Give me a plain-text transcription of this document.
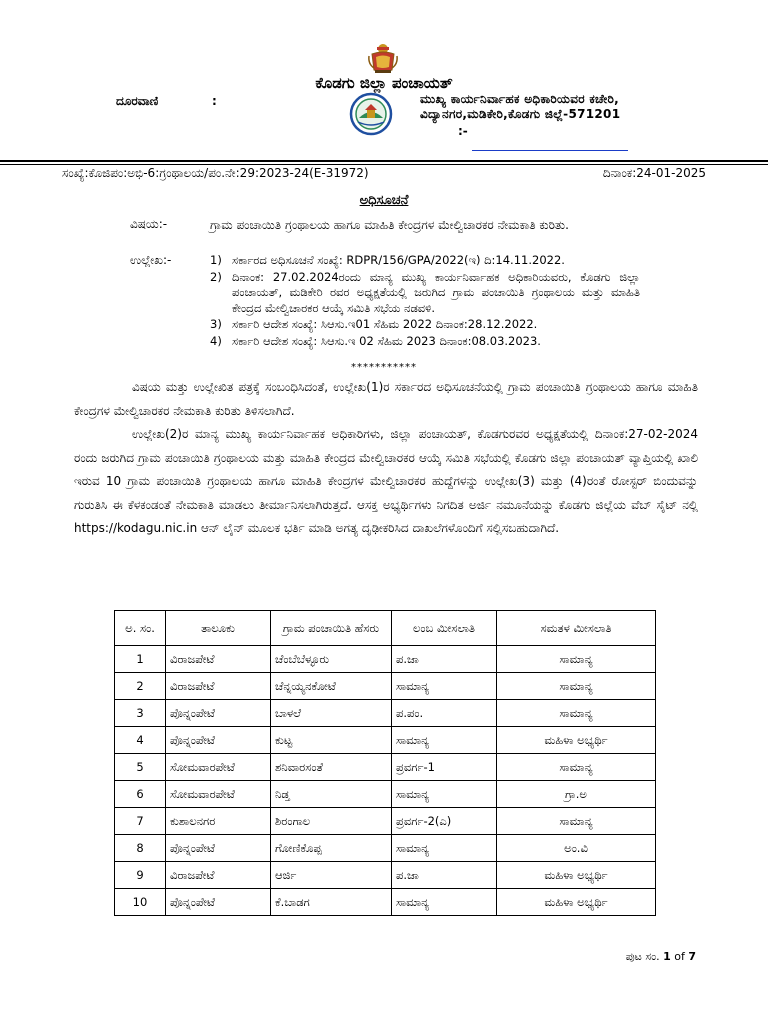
ಕೊಡಗು ಜಿಲ್ಲಾ ಪಂಚಾಯತ್
ದೂರವಾಣಿ	:	ಮುಖ್ಯ ಕಾರ್ಯನಿರ್ವಾಹಕ ಅಧಿಕಾರಿಯವರ ಕಚೇರಿ,
ವಿದ್ಯಾನಗರ,ಮಡಿಕೇರಿ,ಕೊಡಗು ಜಿಲ್ಲೆ-571201
:-
ಸಂಖ್ಯೆ:ಕೊಜಿಪಂ:ಅಭಿ-6:ಗ್ರಂಥಾಲಯ/ಪಂ.ನೇ:29:2023-24(E-31972)	ದಿನಾಂಕ:24-01-2025
ಅಧಿಸೂಚನೆ
ವಿಷಯ:-	ಗ್ರಾಮ ಪಂಚಾಯಿತಿ ಗ್ರಂಥಾಲಯ ಹಾಗೂ ಮಾಹಿತಿ ಕೇಂದ್ರಗಳ ಮೇಲ್ವಿಚಾರಕರ ನೇಮಕಾತಿ ಕುರಿತು.
ಉಲ್ಲೇಖ:-	1) ಸರ್ಕಾರದ ಅಧಿಸೂಚನೆ ಸಂಖ್ಯೆ: RDPR/156/GPA/2022(ಇ) ದಿ:14.11.2022.
2) ದಿನಾಂಕ: 27.02.2024ರಂದು ಮಾನ್ಯ ಮುಖ್ಯ ಕಾರ್ಯನಿರ್ವಾಹಕ ಅಧಿಕಾರಿಯವರು, ಕೊಡಗು ಜಿಲ್ಲಾ ಪಂಚಾಯತ್, ಮಡಿಕೇರಿ ರವರ ಅಧ್ಯಕ್ಷತೆಯಲ್ಲಿ ಜರುಗಿದ ಗ್ರಾಮ ಪಂಚಾಯಿತಿ ಗ್ರಂಥಾಲಯ ಮತ್ತು ಮಾಹಿತಿ ಕೇಂದ್ರದ ಮೇಲ್ವಿಚಾರಕರ ಆಯ್ಕೆ ಸಮಿತಿ ಸಭೆಯ ನಡವಳಿ.
3) ಸರ್ಕಾರಿ ಆದೇಶ ಸಂಖ್ಯೆ: ಸಿಆಸು.ಇ01 ಸೆಹಿಮ 2022 ದಿನಾಂಕ:28.12.2022.
4) ಸರ್ಕಾರಿ ಆದೇಶ ಸಂಖ್ಯೆ: ಸಿಆಸು.ಇ 02 ಸೆಹಿಮ 2023 ದಿನಾಂಕ:08.03.2023.
***********
ವಿಷಯ ಮತ್ತು ಉಲ್ಲೇಖಿತ ಪತ್ರಕ್ಕೆ ಸಂಬಂಧಿಸಿದಂತೆ, ಉಲ್ಲೇಖ(1)ರ ಸರ್ಕಾರದ ಅಧಿಸೂಚನೆಯಲ್ಲಿ ಗ್ರಾಮ ಪಂಚಾಯಿತಿ ಗ್ರಂಥಾಲಯ ಹಾಗೂ ಮಾಹಿತಿ ಕೇಂದ್ರಗಳ ಮೇಲ್ವಿಚಾರಕರ ನೇಮಕಾತಿ ಕುರಿತು ತಿಳಿಸಲಾಗಿದೆ.
ಉಲ್ಲೇಖ(2)ರ ಮಾನ್ಯ ಮುಖ್ಯ ಕಾರ್ಯನಿರ್ವಾಹಕ ಅಧಿಕಾರಿಗಳು, ಜಿಲ್ಲಾ ಪಂಚಾಯತ್, ಕೊಡಗುರವರ ಅಧ್ಯಕ್ಷತೆಯಲ್ಲಿ ದಿನಾಂಕ:27-02-2024 ರಂದು ಜರುಗಿದ ಗ್ರಾಮ ಪಂಚಾಯಿತಿ ಗ್ರಂಥಾಲಯ ಮತ್ತು ಮಾಹಿತಿ ಕೇಂದ್ರದ ಮೇಲ್ವಿಚಾರಕರ ಆಯ್ಕೆ ಸಮಿತಿ ಸಭೆಯಲ್ಲಿ ಕೊಡಗು ಜಿಲ್ಲಾ ಪಂಚಾಯತ್ ವ್ಯಾಪ್ತಿಯಲ್ಲಿ ಖಾಲಿ ಇರುವ 10 ಗ್ರಾಮ ಪಂಚಾಯಿತಿ ಗ್ರಂಥಾಲಯ ಹಾಗೂ ಮಾಹಿತಿ ಕೇಂದ್ರಗಳ ಮೇಲ್ವಿಚಾರಕರ ಹುದ್ದೆಗಳನ್ನು ಉಲ್ಲೇಖ(3) ಮತ್ತು (4)ರಂತೆ ರೋಸ್ಟರ್ ಬಿಂದುವನ್ನು ಗುರುತಿಸಿ ಈ ಕೆಳಕಂಡಂತೆ ನೇಮಕಾತಿ ಮಾಡಲು ತೀರ್ಮಾನಿಸಲಾಗಿರುತ್ತದೆ. ಆಸಕ್ತ ಅಭ್ಯರ್ಥಿಗಳು ನಿಗದಿತ ಅರ್ಜಿ ನಮೂನೆಯನ್ನು ಕೊಡಗು ಜಿಲ್ಲೆಯ ವೆಬ್ ಸೈಟ್ ನಲ್ಲಿ https://kodagu.nic.in ಆನ್ ಲೈನ್ ಮೂಲಕ ಭರ್ತಿ ಮಾಡಿ ಅಗತ್ಯ ದೃಢೀಕರಿಸಿದ ದಾಖಲೆಗಳೊಂದಿಗೆ ಸಲ್ಲಿಸಬಹುದಾಗಿದೆ.
ಅ. ಸಂ.	ತಾಲೂಕು	ಗ್ರಾಮ ಪಂಚಾಯಿತಿ ಹೆಸರು	ಲಂಬ ಮೀಸಲಾತಿ	ಸಮತಳ ಮೀಸಲಾತಿ
1	ವಿರಾಜಪೇಟೆ	ಚೆಂಬೆಬೆಳ್ಳೂರು	ಪ.ಜಾ	ಸಾಮಾನ್ಯ
2	ವಿರಾಜಪೇಟೆ	ಚೆನ್ನಯ್ಯನಕೋಟೆ	ಸಾಮಾನ್ಯ	ಸಾಮಾನ್ಯ
3	ಪೊನ್ನಂಪೇಟೆ	ಬಾಳಲೆ	ಪ.ಪಂ.	ಸಾಮಾನ್ಯ
4	ಪೊನ್ನಂಪೇಟೆ	ಕುಟ್ಟ	ಸಾಮಾನ್ಯ	ಮಹಿಳಾ ಅಭ್ಯರ್ಥಿ
5	ಸೋಮವಾರಪೇಟೆ	ಶನಿವಾರಸಂತೆ	ಪ್ರವರ್ಗ-1	ಸಾಮಾನ್ಯ
6	ಸೋಮವಾರಪೇಟೆ	ನಿಡ್ತ	ಸಾಮಾನ್ಯ	ಗ್ರಾ.ಅ
7	ಕುಶಾಲನಗರ	ಶಿರಂಗಾಲ	ಪ್ರವರ್ಗ-2(ಎ)	ಸಾಮಾನ್ಯ
8	ಪೊನ್ನಂಪೇಟೆ	ಗೋಣಿಕೊಪ್ಪ	ಸಾಮಾನ್ಯ	ಅಂ.ವಿ
9	ವಿರಾಜಪೇಟೆ	ಆರ್ಜಿ	ಪ.ಜಾ	ಮಹಿಳಾ ಅಭ್ಯರ್ಥಿ
10	ಪೊನ್ನಂಪೇಟೆ	ಕೆ.ಬಾಡಗ	ಸಾಮಾನ್ಯ	ಮಹಿಳಾ ಅಭ್ಯರ್ಥಿ
ಪುಟ ಸಂ. 1 of 7
